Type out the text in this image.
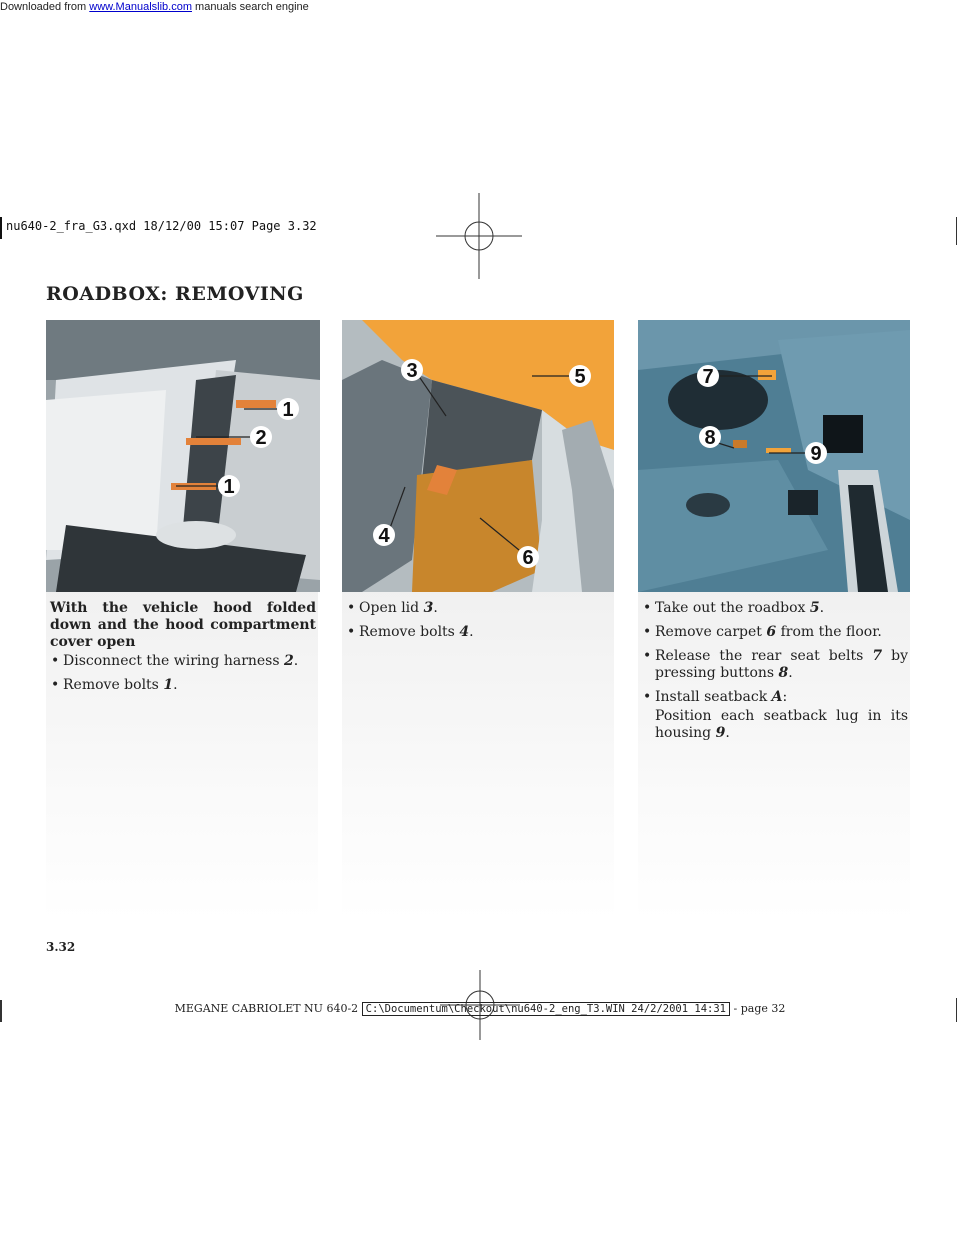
Downloaded from www.Manualslib.com manuals search engine
nu640-2_fra_G3.qxd 18/12/00 15:07 Page 3.32
ROADBOX: REMOVING
1
2
1
3	5
4
6
7
8
9

With the vehicle hood folded down and the hood compartment cover open

• Disconnect the wiring harness 2.
• Remove bolts 1.
• Open lid 3.
• Remove bolts 4.
• Take out the roadbox 5.
• Remove carpet 6 from the floor.
• Release the rear seat belts 7 by pressing buttons 8.
• Install seatback A:
Position each seatback lug in its housing 9.
3.32
MEGANE CABRIOLET NU 640-2 C:\Documentum\Checkout\nu640-2_eng_T3.WIN 24/2/2001 14:31 - page 32
